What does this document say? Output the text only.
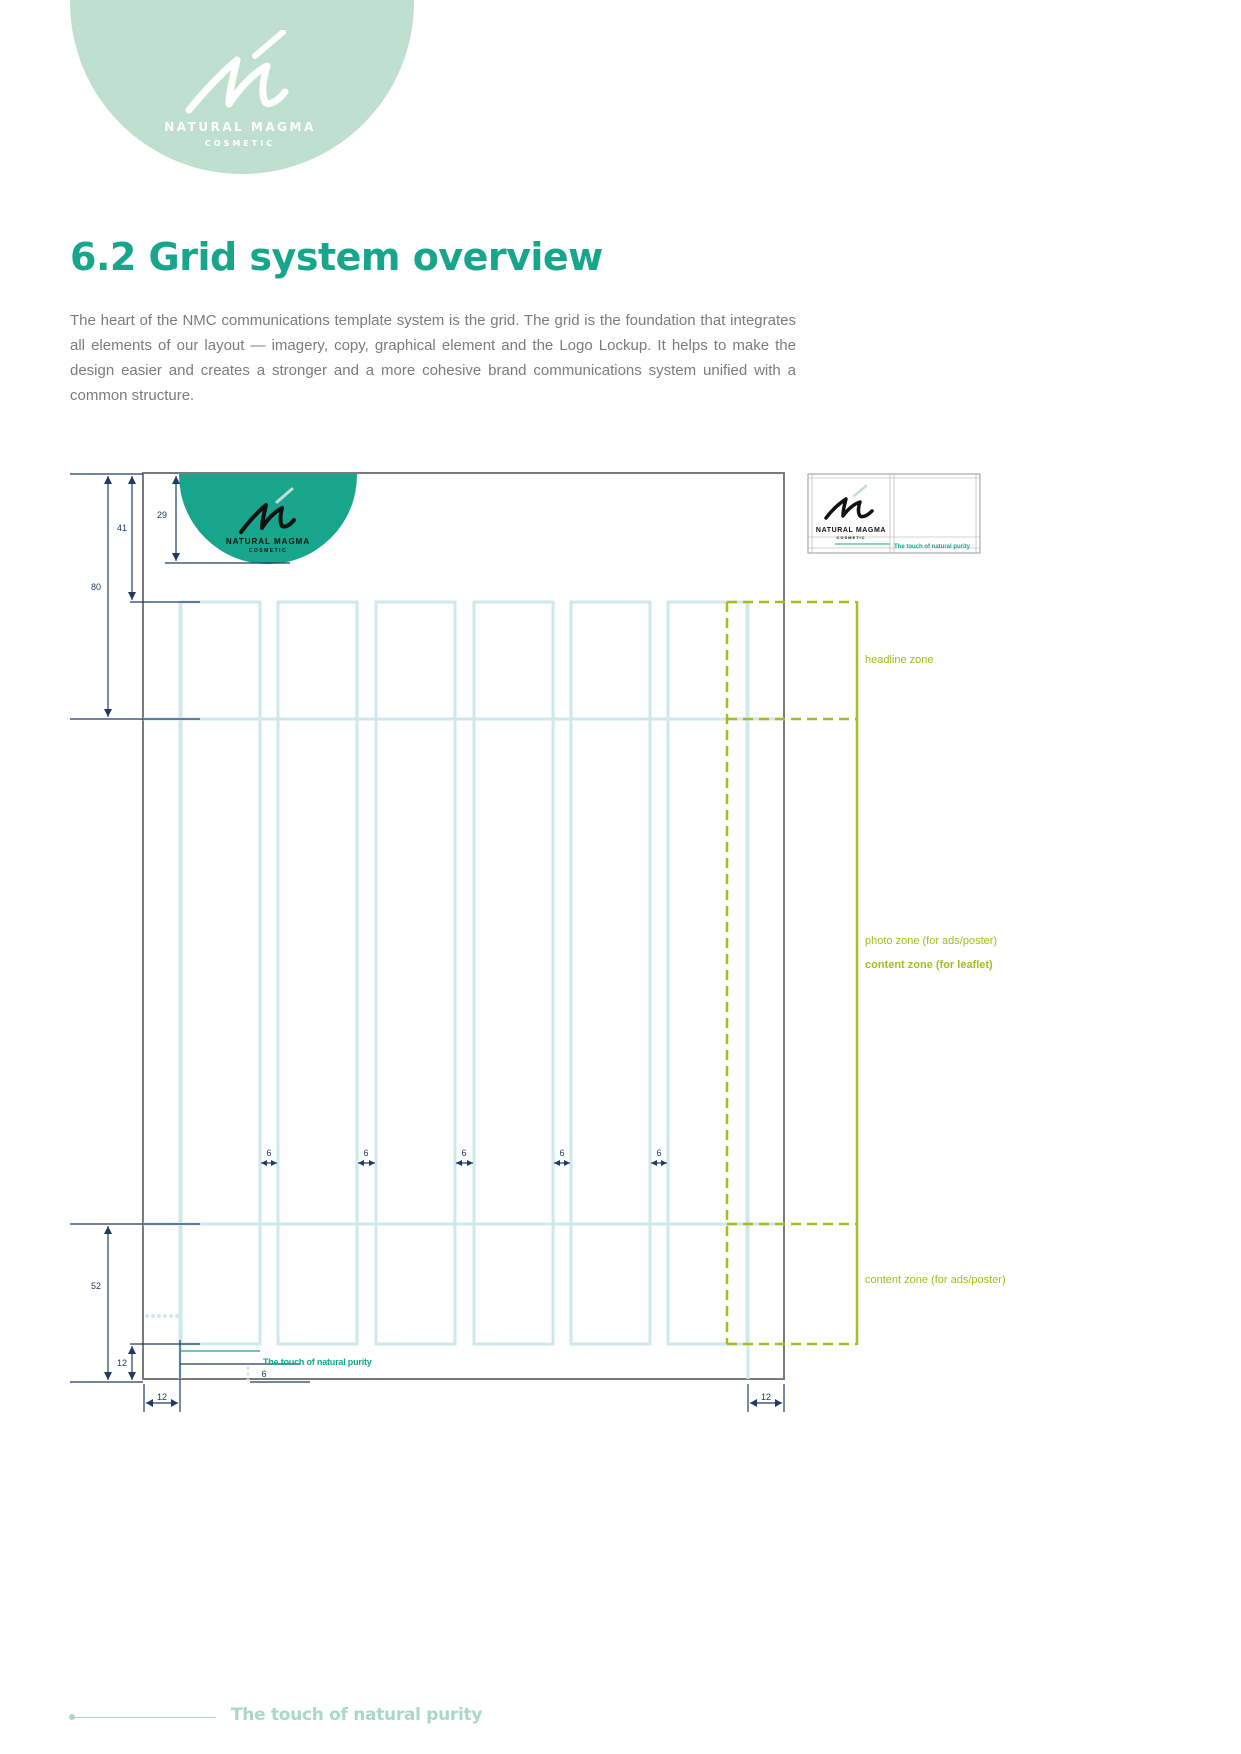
NATURAL MAGMA
COSMETIC
6.2 Grid system overview

The heart of the NMC communications template system is the grid. The grid is the foundation that integrates all elements of our layout — imagery, copy, graphical element and the Logo Lockup. It helps to make the design easier and creates a stronger and a more cohesive brand communications system unified with a common structure.

NATURAL MAGMA
COSMETIC
29
41
80
52
12
12	12
6	6	6	6	6
6
The touch of natural purity
headline zone
photo zone (for ads/poster)
content zone (for leaflet)
content zone (for ads/poster)
NATURAL MAGMA
COSMETIC
The touch of natural purity
The touch of natural purity
